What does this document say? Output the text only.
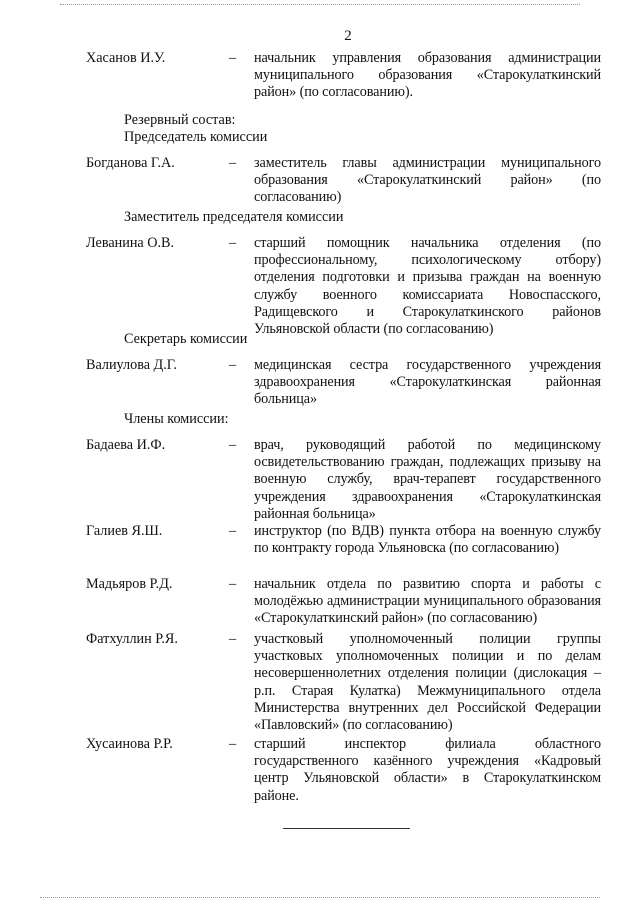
2
Хасанов И.У.	– начальник управления образования администрации муниципального образования «Старокулаткинский район» (по согласованию).
Резервный состав:
Председатель комиссии
Богданова Г.А.	– заместитель главы администрации муниципального образования «Старокулаткинский район» (по согласованию)
Заместитель председателя комиссии
Леванина О.В.	– старший помощник начальника отделения (по профессиональному, психологическому отбору) отделения подготовки и призыва граждан на военную службу военного комиссариата Новоспасского, Радищевского и Старокулаткинского районов Ульяновской области (по согласованию)
Секретарь комиссии
Валиулова Д.Г.	– медицинская сестра государственного учреждения здравоохранения «Старокулаткинская районная больница»
Члены комиссии:
Бадаева И.Ф.	– врач, руководящий работой по медицинскому освидетельствованию граждан, подлежащих призыву на военную службу, врач-терапевт государственного учреждения здравоохранения «Старокулаткинская районная больница»
Галиев Я.Ш.	– инструктор (по ВДВ) пункта отбора на военную службу по контракту города Ульяновска (по согласованию)
Мадьяров Р.Д.	– начальник отдела по развитию спорта и работы с молодёжью администрации муниципального образования «Старокулаткинский район» (по согласованию)
Фатхуллин Р.Я.	– участковый уполномоченный полиции группы участковых уполномоченных полиции и по делам несовершеннолетних отделения полиции (дислокация – р.п. Старая Кулатка) Межмуниципального отдела Министерства внутренних дел Российской Федерации «Павловский» (по согласованию)
Хусаинова Р.Р.	– старший инспектор филиала областного государственного казённого учреждения «Кадровый центр Ульяновской области» в Старокулаткинском районе.
